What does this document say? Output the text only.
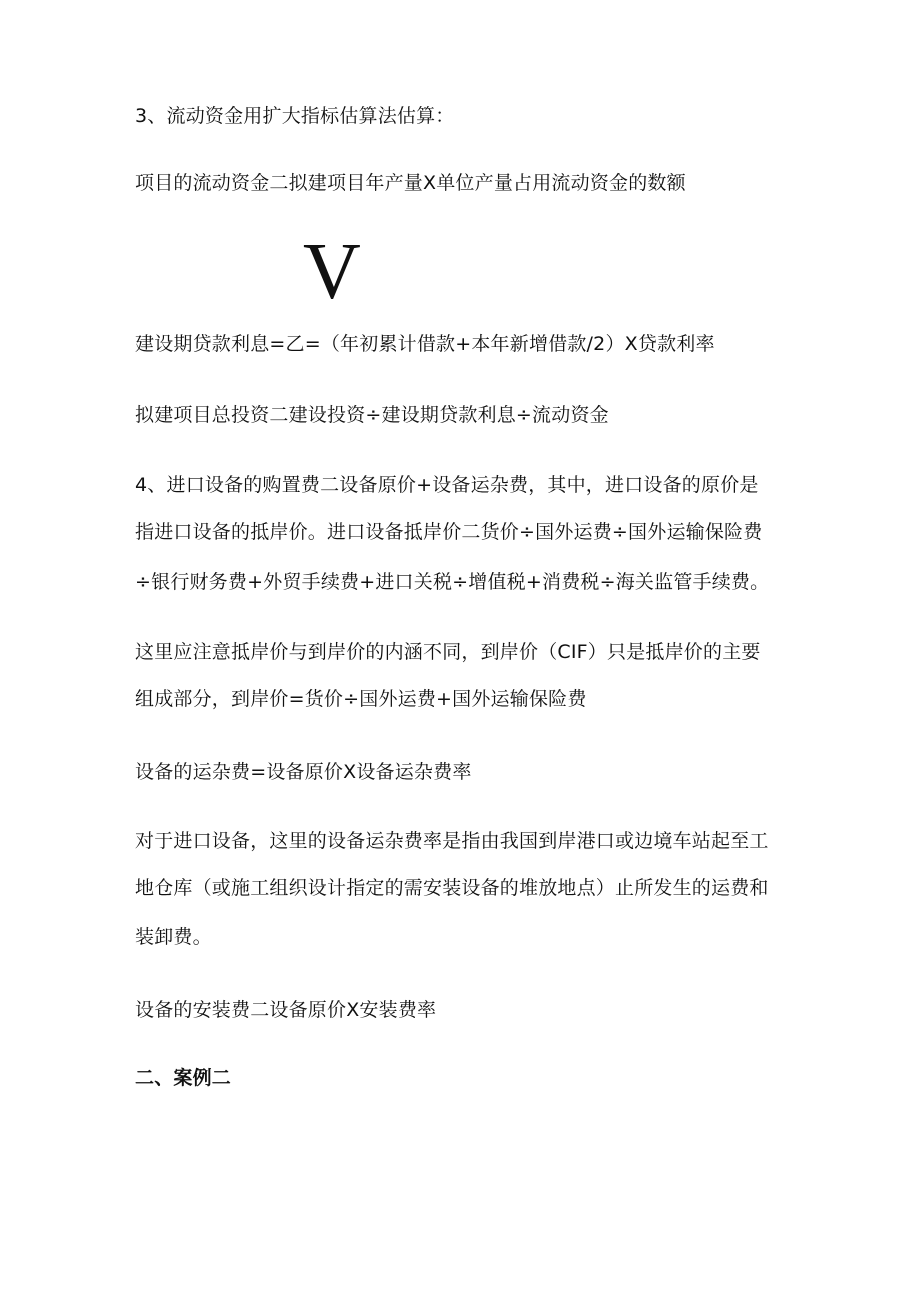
3、流动资金用扩大指标估算法估算：

项目的流动资金二拟建项目年产量X单位产量占用流动资金的数额

V

建设期贷款利息=乙=（年初累计借款+本年新增借款/2）X贷款利率

拟建项目总投资二建设投资÷建设期贷款利息÷流动资金

4、进口设备的购置费二设备原价+设备运杂费，其中，进口设备的原价是

指进口设备的抵岸价。进口设备抵岸价二货价÷国外运费÷国外运输保险费

÷银行财务费+外贸手续费+进口关税÷增值税+消费税÷海关监管手续费。

这里应注意抵岸价与到岸价的内涵不同，到岸价（CIF）只是抵岸价的主要

组成部分，到岸价=货价÷国外运费+国外运输保险费

设备的运杂费=设备原价X设备运杂费率

对于进口设备，这里的设备运杂费率是指由我国到岸港口或边境车站起至工

地仓库（或施工组织设计指定的需安装设备的堆放地点）止所发生的运费和

装卸费。

设备的安装费二设备原价X安装费率

二、案例二
